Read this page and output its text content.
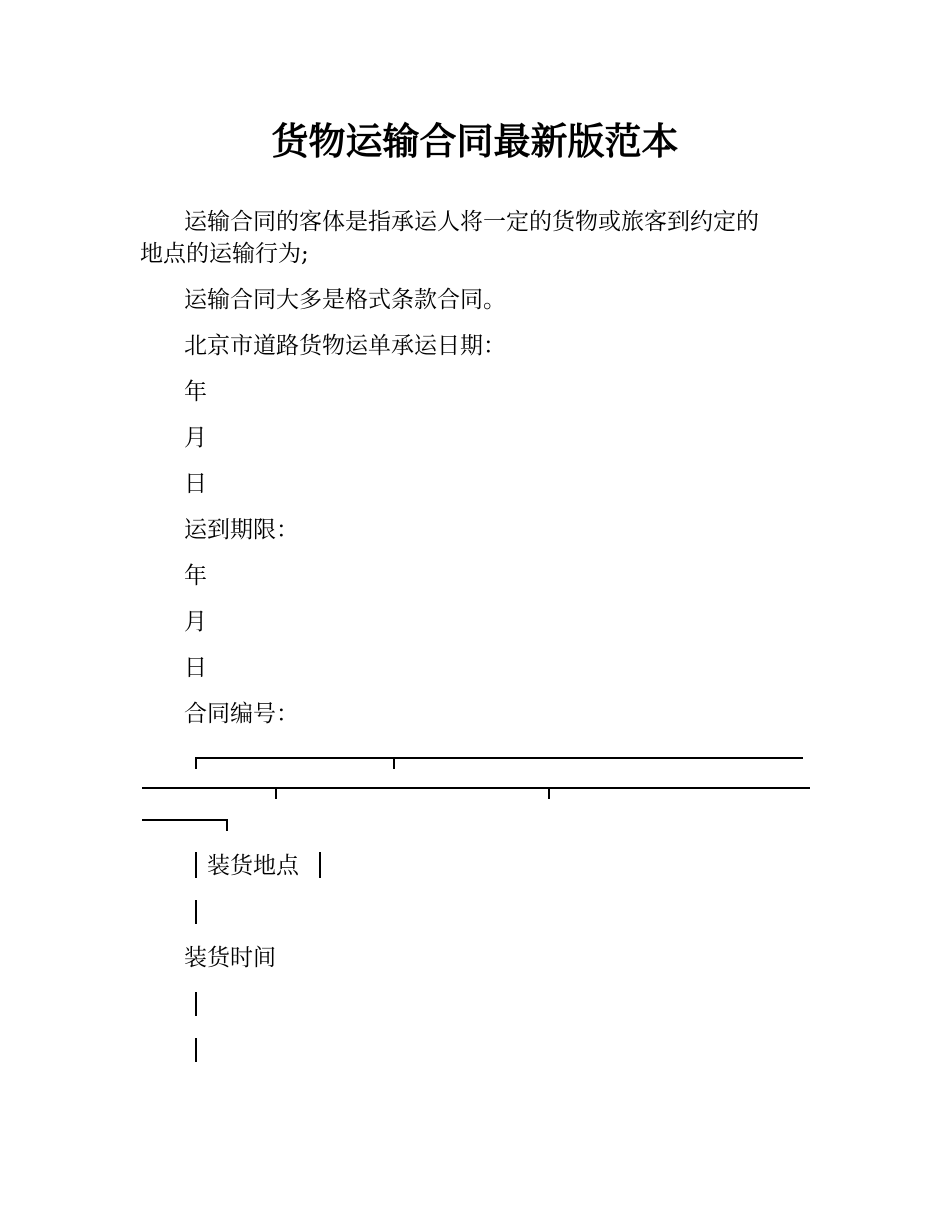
货物运输合同最新版范本

运输合同的客体是指承运人将一定的货物或旅客到约定的

地点的运输行为;

运输合同大多是格式条款合同。

北京市道路货物运单承运日期：

年

月

日

运到期限：

年

月

日

合同编号：

装货地点

装货时间
